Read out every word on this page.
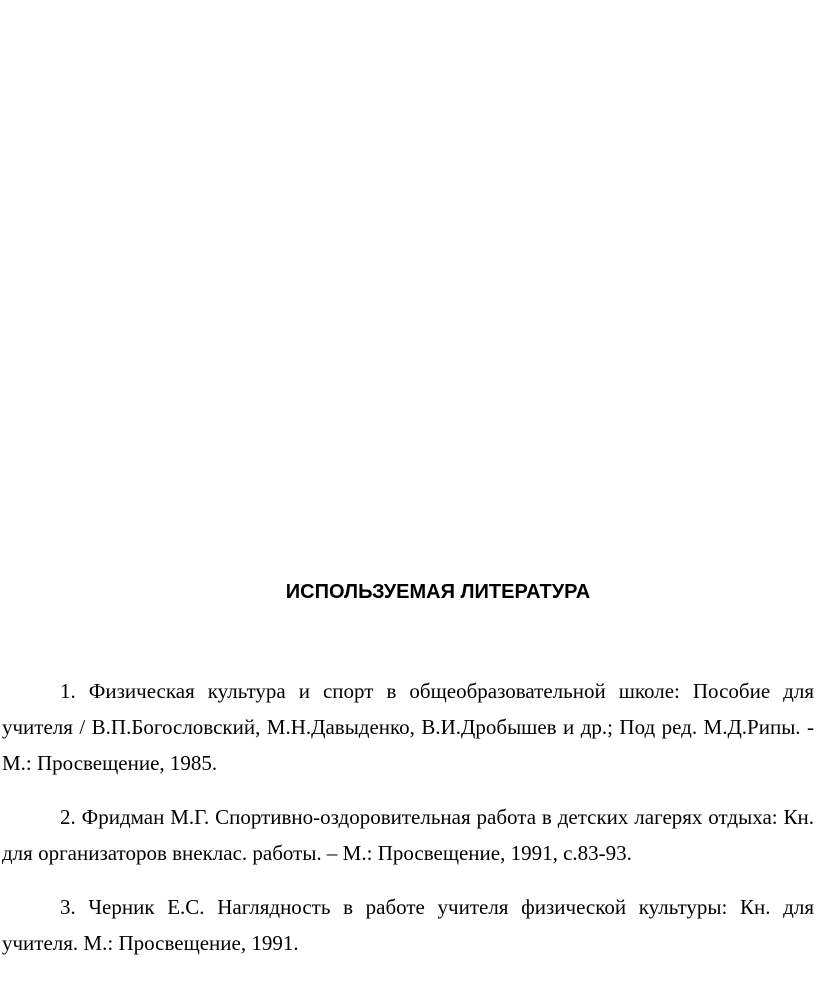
ИСПОЛЬЗУЕМАЯ ЛИТЕРАТУРА

1. Физическая культура и спорт в общеобразовательной школе: Пособие для учителя / В.П.Богословский, М.Н.Давыденко, В.И.Дробышев и др.; Под ред. М.Д.Рипы. - М.: Просвещение, 1985.

2. Фридман М.Г. Спортивно-оздоровительная работа в детских лагерях отдыха: Кн. для организаторов внеклас. работы. – М.: Просвещение, 1991, с.83-93.

3. Черник Е.С. Наглядность в работе учителя физической культуры: Кн. для учителя. М.: Просвещение, 1991.
